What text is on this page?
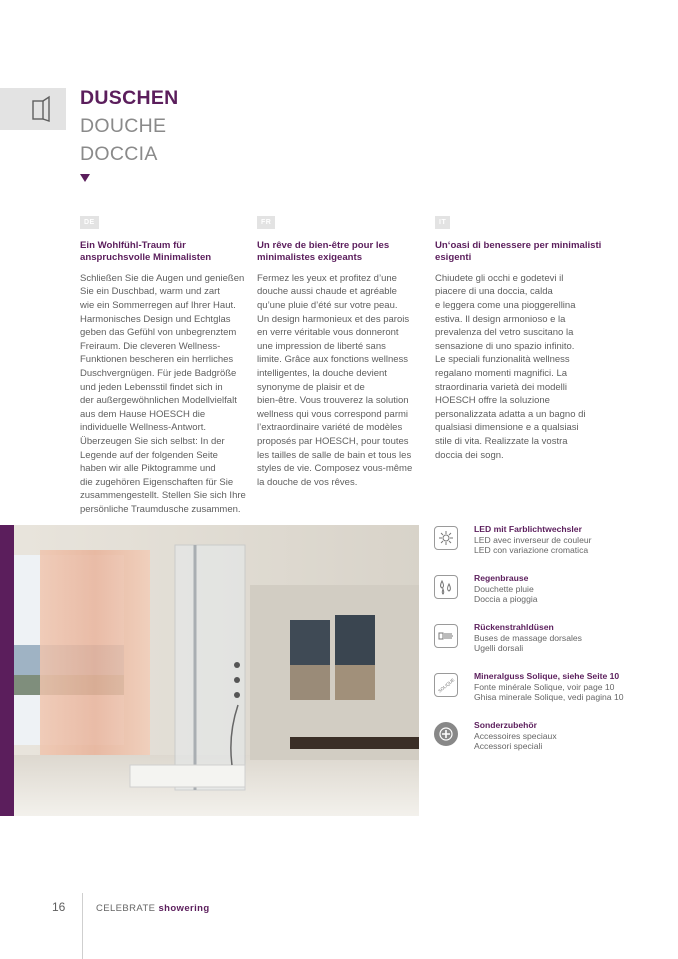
DUSCHEN
DOUCHE
DOCCIA
DE
Ein Wohlfühl-Traum für anspruchsvolle Minimalisten
Schließen Sie die Augen und genießen
Sie ein Duschbad, warm und zart
wie ein Sommerregen auf Ihrer Haut.
Harmonisches Design und Echtglas
geben das Gefühl von unbegrenztem
Freiraum. Die cleveren Wellness-
Funktionen bescheren ein herrliches
Duschvergnügen. Für jede Badgröße
und jeden Lebensstil findet sich in
der außergewöhnlichen Modellvielfalt
aus dem Hause HOESCH die
individuelle Wellness-Antwort.
Überzeugen Sie sich selbst: In der
Legende auf der folgenden Seite
haben wir alle Piktogramme und
die zugehören Eigenschaften für Sie
zusammengestellt. Stellen Sie sich Ihre
persönliche Traumdusche zusammen.
FR
Un rêve de bien-être pour les minimalistes exigeants
Fermez les yeux et profitez d’une
douche aussi chaude et agréable
qu’une pluie d’été sur votre peau.
Un design harmonieux et des parois
en verre véritable vous donneront
une impression de liberté sans
limite. Grâce aux fonctions wellness
intelligentes, la douche devient
synonyme de plaisir et de
bien-être. Vous trouverez la solution
wellness qui vous correspond parmi
l’extraordinaire variété de modèles
proposés par HOESCH, pour toutes
les tailles de salle de bain et tous les
styles de vie. Composez vous-même
la douche de vos rêves.
IT
Un‘oasi di benessere per minimalisti esigenti
Chiudete gli occhi e godetevi il
piacere di una doccia, calda
e leggera come una pioggerellina
estiva. Il design armonioso e la
prevalenza del vetro suscitano la
sensazione di uno spazio infinito.
Le speciali funzionalità wellness
regalano momenti magnifici. La
straordinaria varietà dei modelli
HOESCH offre la soluzione
personalizzata adatta a un bagno di
qualsiasi dimensione e a qualsiasi
stile di vita. Realizzate la vostra
doccia dei sogn.
LED mit Farblichtwechsler
LED avec inverseur de couleur
LED con variazione cromatica
Regenbrause
Douchette pluie
Doccia a pioggia
Rückenstrahldüsen
Buses de massage dorsales
Ugelli dorsali
SOLIQUE
Mineralguss Solique, siehe Seite 10
Fonte minérale Solique, voir page 10
Ghisa minerale Solique, vedi pagina 10
Sonderzubehör
Accessoires speciaux
Accessori speciali
16	CELEBRATE showering
